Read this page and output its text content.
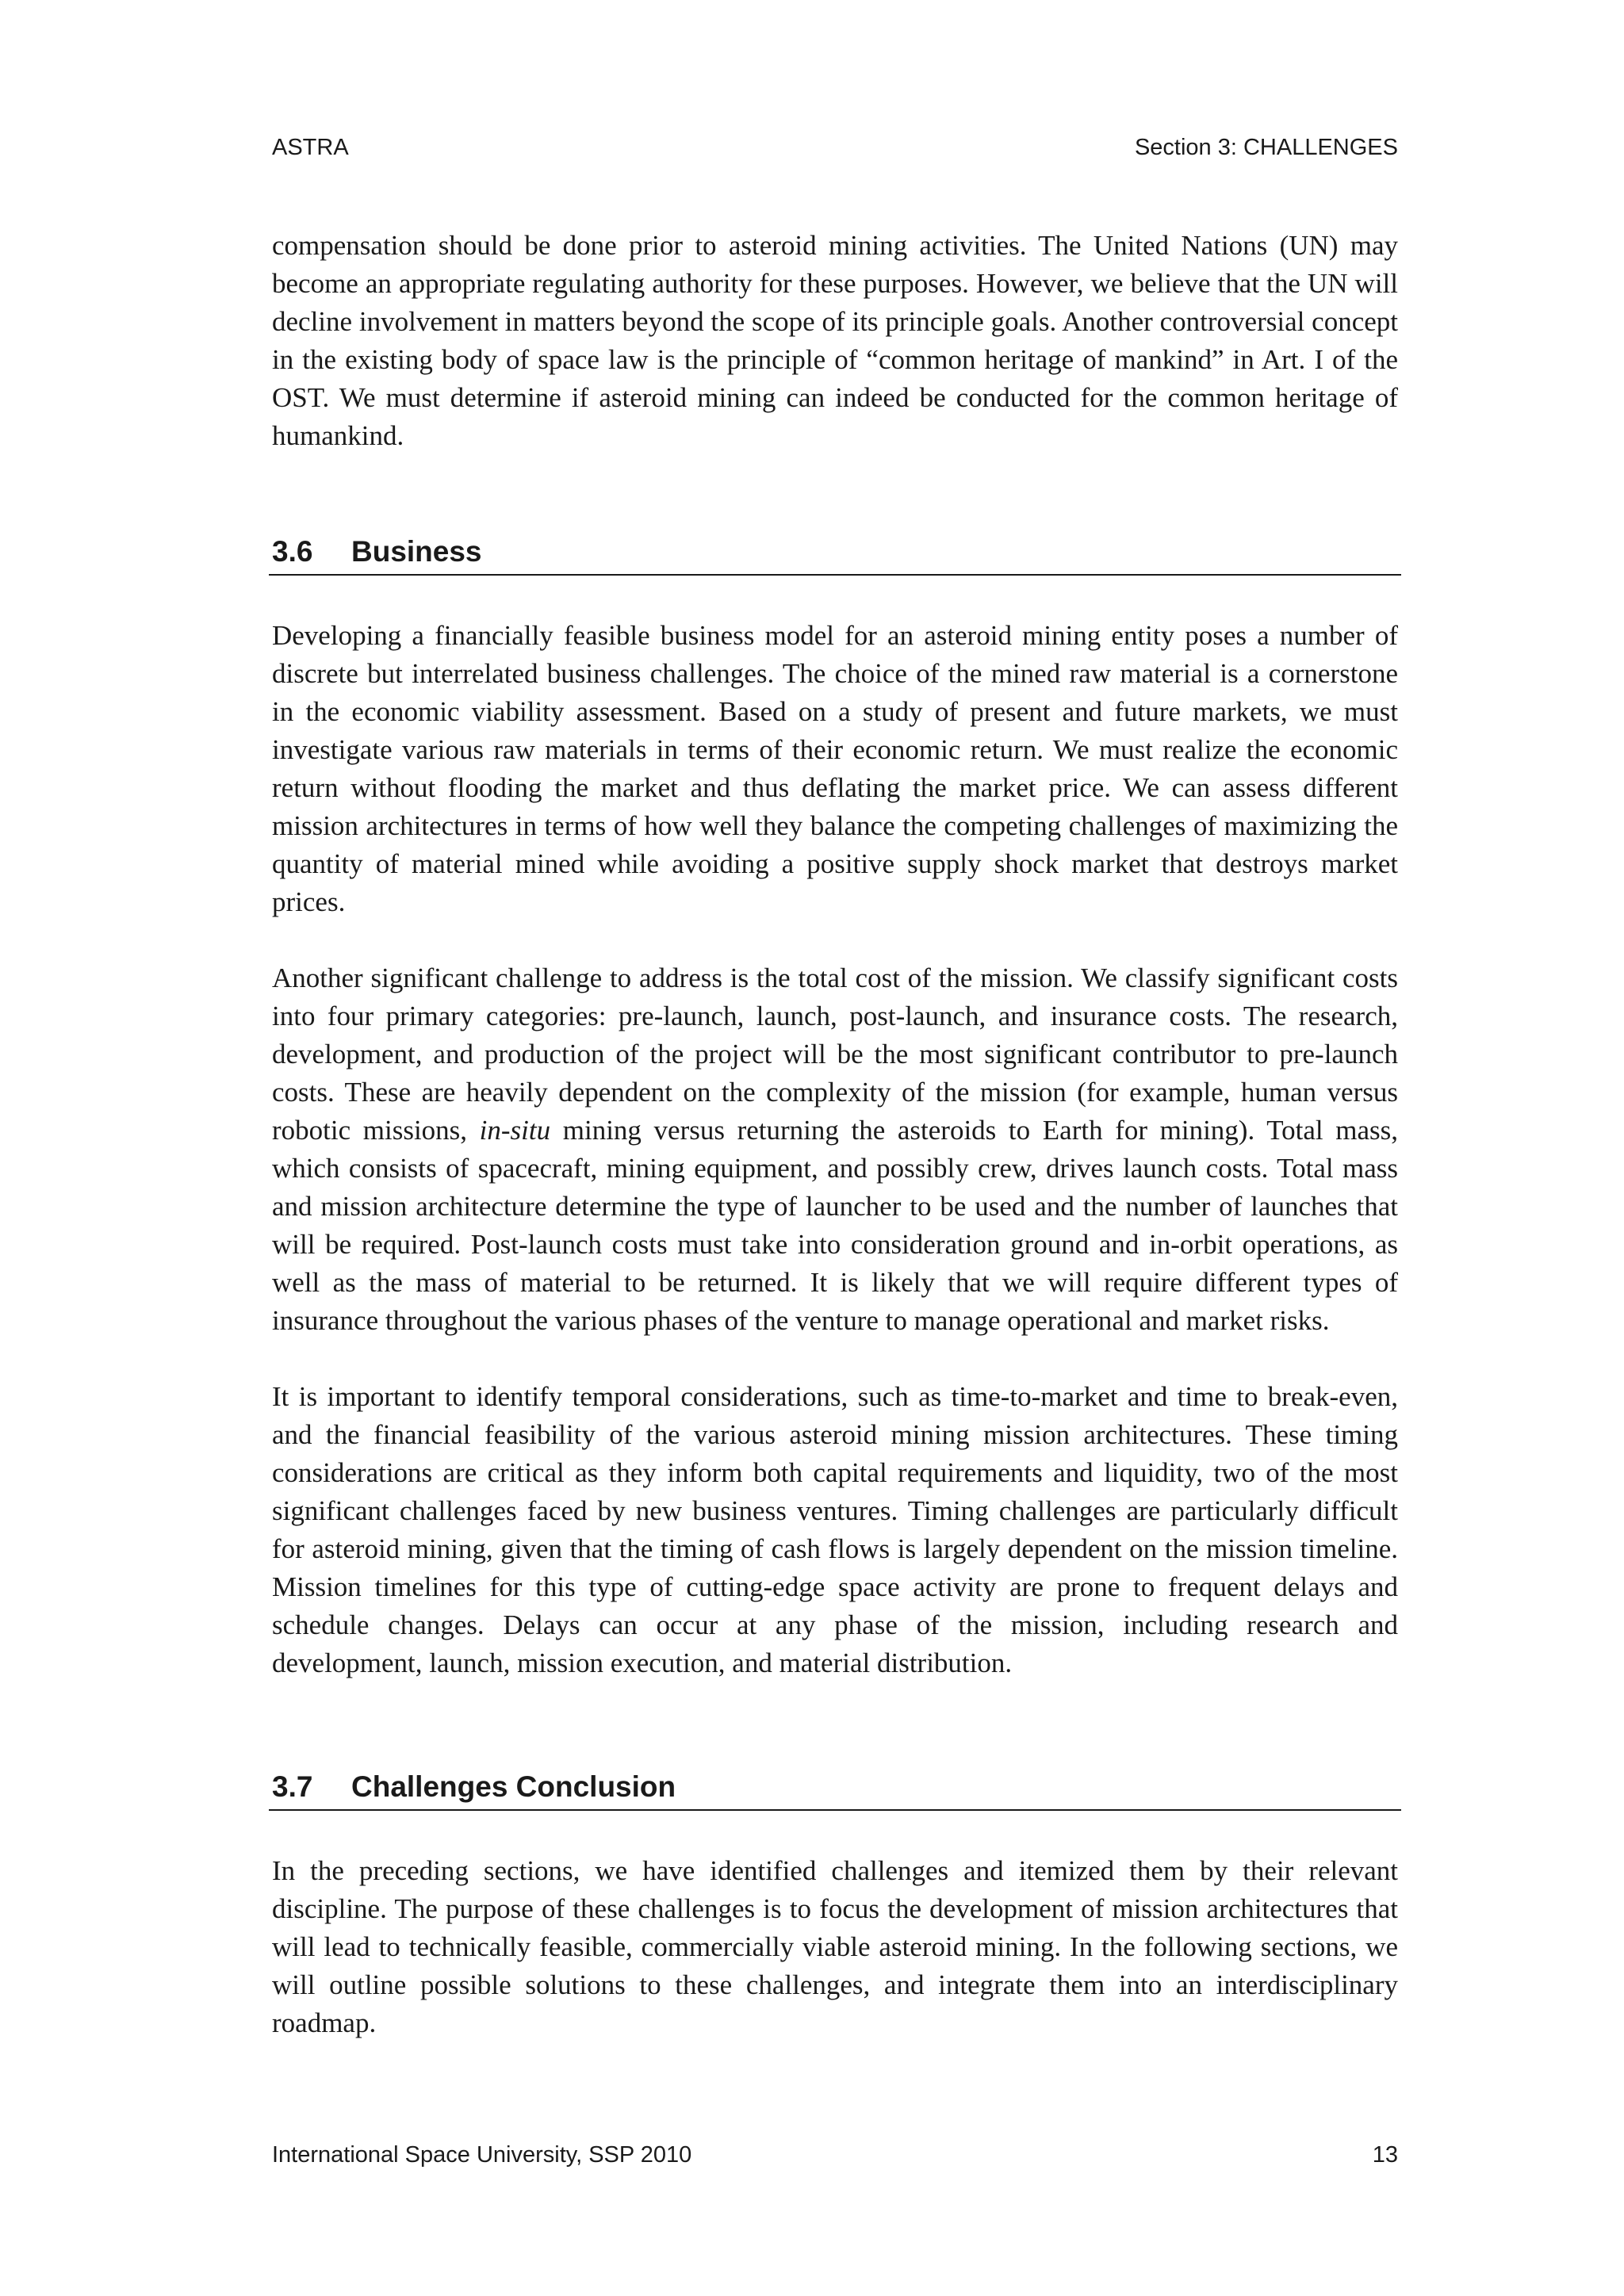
ASTRA	Section 3: CHALLENGES

compensation should be done prior to asteroid mining activities. The United Nations (UN) may become an appropriate regulating authority for these purposes. However, we believe that the UN will decline involvement in matters beyond the scope of its principle goals. Another controversial concept in the existing body of space law is the principle of “common heritage of mankind” in Art. I of the OST. We must determine if asteroid mining can indeed be conducted for the common heritage of humankind.

3.6	Business

Developing a financially feasible business model for an asteroid mining entity poses a number of discrete but interrelated business challenges. The choice of the mined raw material is a cornerstone in the economic viability assessment. Based on a study of present and future markets, we must investigate various raw materials in terms of their economic return. We must realize the economic return without flooding the market and thus deflating the market price. We can assess different mission architectures in terms of how well they balance the competing challenges of maximizing the quantity of material mined while avoiding a positive supply shock market that destroys market prices.

Another significant challenge to address is the total cost of the mission. We classify significant costs into four primary categories: pre-launch, launch, post-launch, and insurance costs. The research, development, and production of the project will be the most significant contributor to pre-launch costs. These are heavily dependent on the complexity of the mission (for example, human versus robotic missions, in-situ mining versus returning the asteroids to Earth for mining). Total mass, which consists of spacecraft, mining equipment, and possibly crew, drives launch costs. Total mass and mission architecture determine the type of launcher to be used and the number of launches that will be required. Post-launch costs must take into consideration ground and in-orbit operations, as well as the mass of material to be returned. It is likely that we will require different types of insurance throughout the various phases of the venture to manage operational and market risks.

It is important to identify temporal considerations, such as time-to-market and time to break-even, and the financial feasibility of the various asteroid mining mission architectures. These timing considerations are critical as they inform both capital requirements and liquidity, two of the most significant challenges faced by new business ventures. Timing challenges are particularly difficult for asteroid mining, given that the timing of cash flows is largely dependent on the mission timeline. Mission timelines for this type of cutting-edge space activity are prone to frequent delays and schedule changes. Delays can occur at any phase of the mission, including research and development, launch, mission execution, and material distribution.

3.7	Challenges Conclusion

In the preceding sections, we have identified challenges and itemized them by their relevant discipline. The purpose of these challenges is to focus the development of mission architectures that will lead to technically feasible, commercially viable asteroid mining. In the following sections, we will outline possible solutions to these challenges, and integrate them into an interdisciplinary roadmap.

International Space University, SSP 2010	13
